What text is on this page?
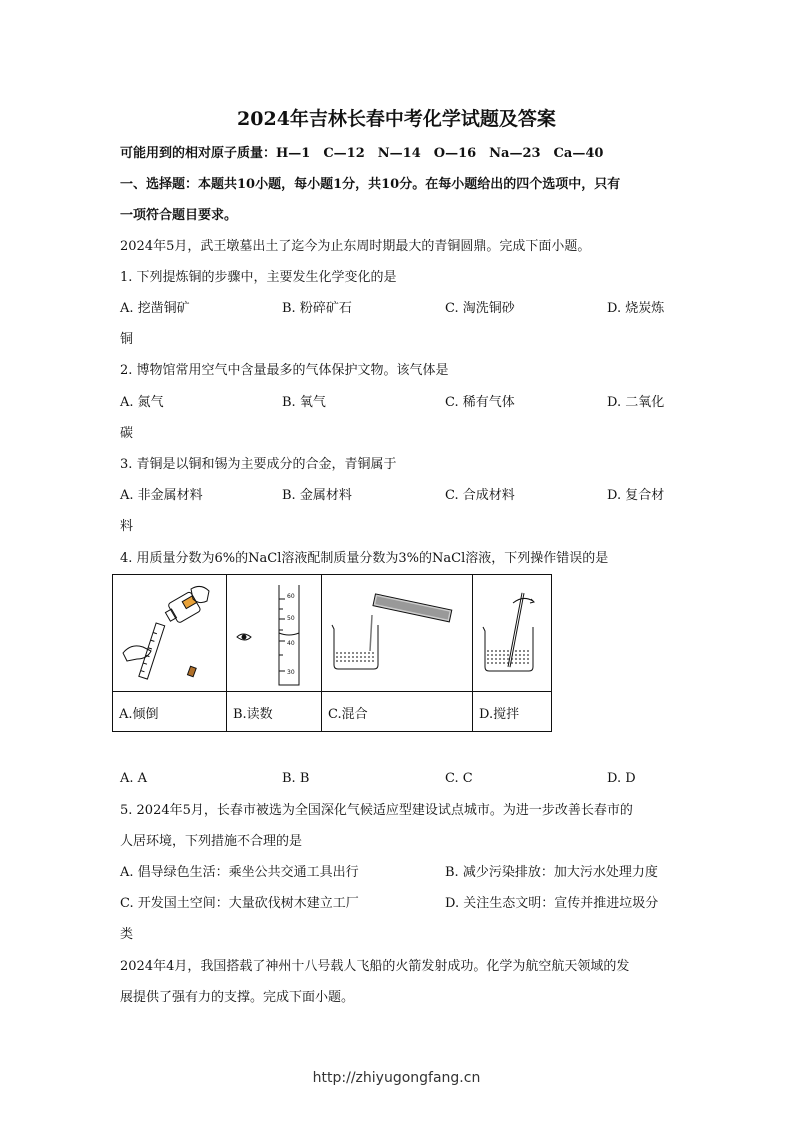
2024年吉林长春中考化学试题及答案
可能用到的相对原子质量：H—1　C—12　N—14　O—16　Na—23　Ca—40
一、选择题：本题共10小题，每小题1分，共10分。在每小题给出的四个选项中，只有
一项符合题目要求。
2024年5月，武王墩墓出土了迄今为止东周时期最大的青铜圆鼎。完成下面小题。
1. 下列提炼铜的步骤中，主要发生化学变化的是
A. 挖凿铜矿	B. 粉碎矿石	C. 淘洗铜砂	D. 烧炭炼
铜
2. 博物馆常用空气中含量最多的气体保护文物。该气体是
A. 氮气	B. 氧气	C. 稀有气体	D. 二氧化
碳
3. 青铜是以铜和锡为主要成分的合金，青铜属于
A. 非金属材料	B. 金属材料	C. 合成材料	D. 复合材
料
4. 用质量分数为6%的NaCl溶液配制质量分数为3%的NaCl溶液，下列操作错误的是
60
50
40
30
A.倾倒	B.读数	C.混合	D.搅拌
A. A	B. B	C. C	D. D
5. 2024年5月，长春市被选为全国深化气候适应型建设试点城市。为进一步改善长春市的
人居环境，下列措施不合理的是
A. 倡导绿色生活：乘坐公共交通工具出行	B. 减少污染排放：加大污水处理力度
C. 开发国土空间：大量砍伐树木建立工厂	D. 关注生态文明：宣传并推进垃圾分
类
2024年4月，我国搭载了神州十八号载人飞船的火箭发射成功。化学为航空航天领域的发
展提供了强有力的支撑。完成下面小题。
http://zhiyugongfang.cn
